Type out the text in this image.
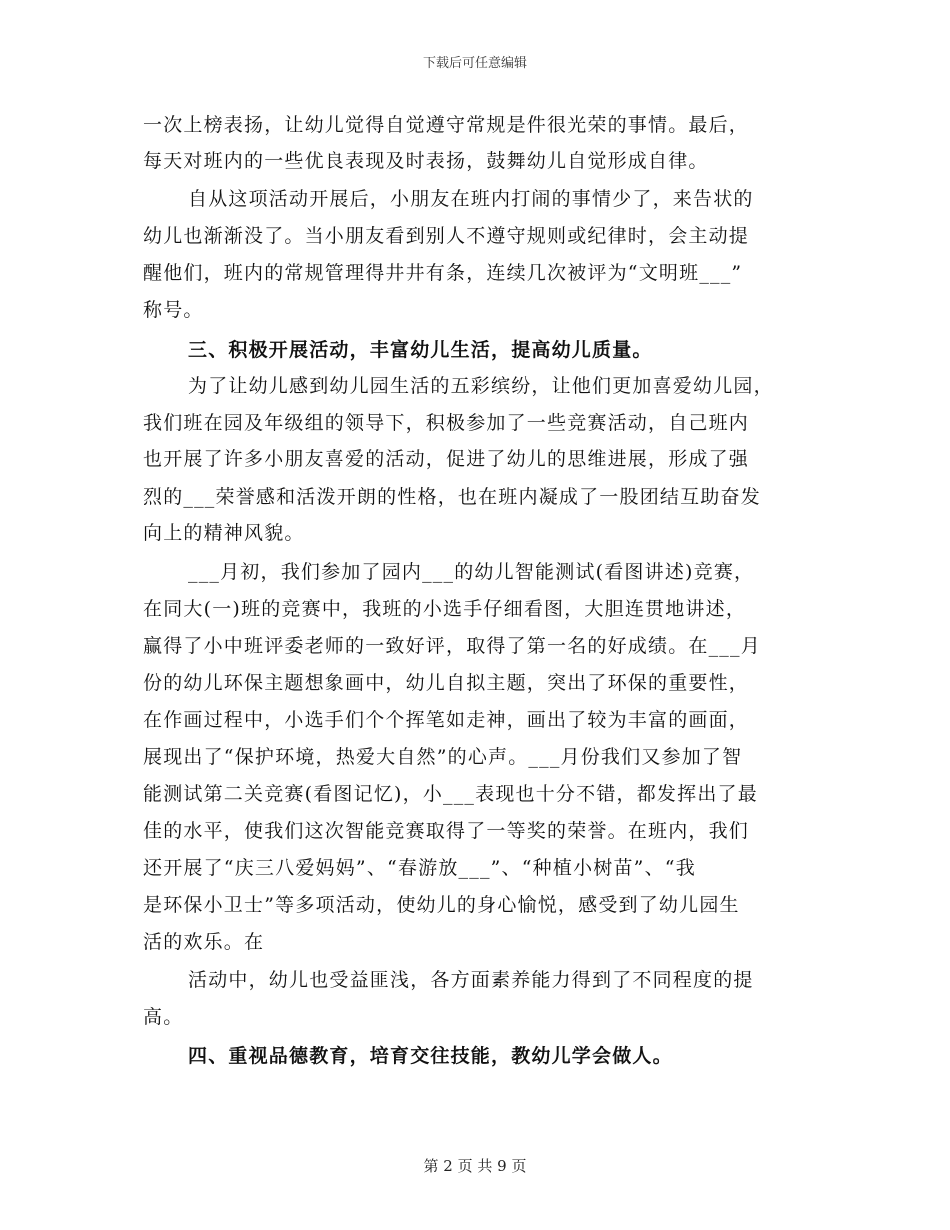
下载后可任意编辑
一次上榜表扬，让幼儿觉得自觉遵守常规是件很光荣的事情。最后，
每天对班内的一些优良表现及时表扬，鼓舞幼儿自觉形成自律。
自从这项活动开展后，小朋友在班内打闹的事情少了，来告状的
幼儿也渐渐没了。当小朋友看到别人不遵守规则或纪律时，会主动提
醒他们，班内的常规管理得井井有条，连续几次被评为“文明班___”
称号。
三、积极开展活动，丰富幼儿生活，提高幼儿质量。
为了让幼儿感到幼儿园生活的五彩缤纷，让他们更加喜爱幼儿园，
我们班在园及年级组的领导下，积极参加了一些竞赛活动，自己班内
也开展了许多小朋友喜爱的活动，促进了幼儿的思维进展，形成了强
烈的___荣誉感和活泼开朗的性格，也在班内凝成了一股团结互助奋发
向上的精神风貌。
___月初，我们参加了园内___的幼儿智能测试(看图讲述)竞赛，
在同大(一)班的竞赛中，我班的小选手仔细看图，大胆连贯地讲述，
赢得了小中班评委老师的一致好评，取得了第一名的好成绩。在___月
份的幼儿环保主题想象画中，幼儿自拟主题，突出了环保的重要性，
在作画过程中，小选手们个个挥笔如走神，画出了较为丰富的画面，
展现出了“保护环境，热爱大自然”的心声。___月份我们又参加了智
能测试第二关竞赛(看图记忆)，小___表现也十分不错，都发挥出了最
佳的水平，使我们这次智能竞赛取得了一等奖的荣誉。在班内，我们
还开展了“庆三八爱妈妈”、“春游放___”、“种植小树苗”、“我
是环保小卫士”等多项活动，使幼儿的身心愉悦，感受到了幼儿园生
活的欢乐。在
活动中，幼儿也受益匪浅，各方面素养能力得到了不同程度的提
高。
四、重视品德教育，培育交往技能，教幼儿学会做人。
第 2 页 共 9 页
